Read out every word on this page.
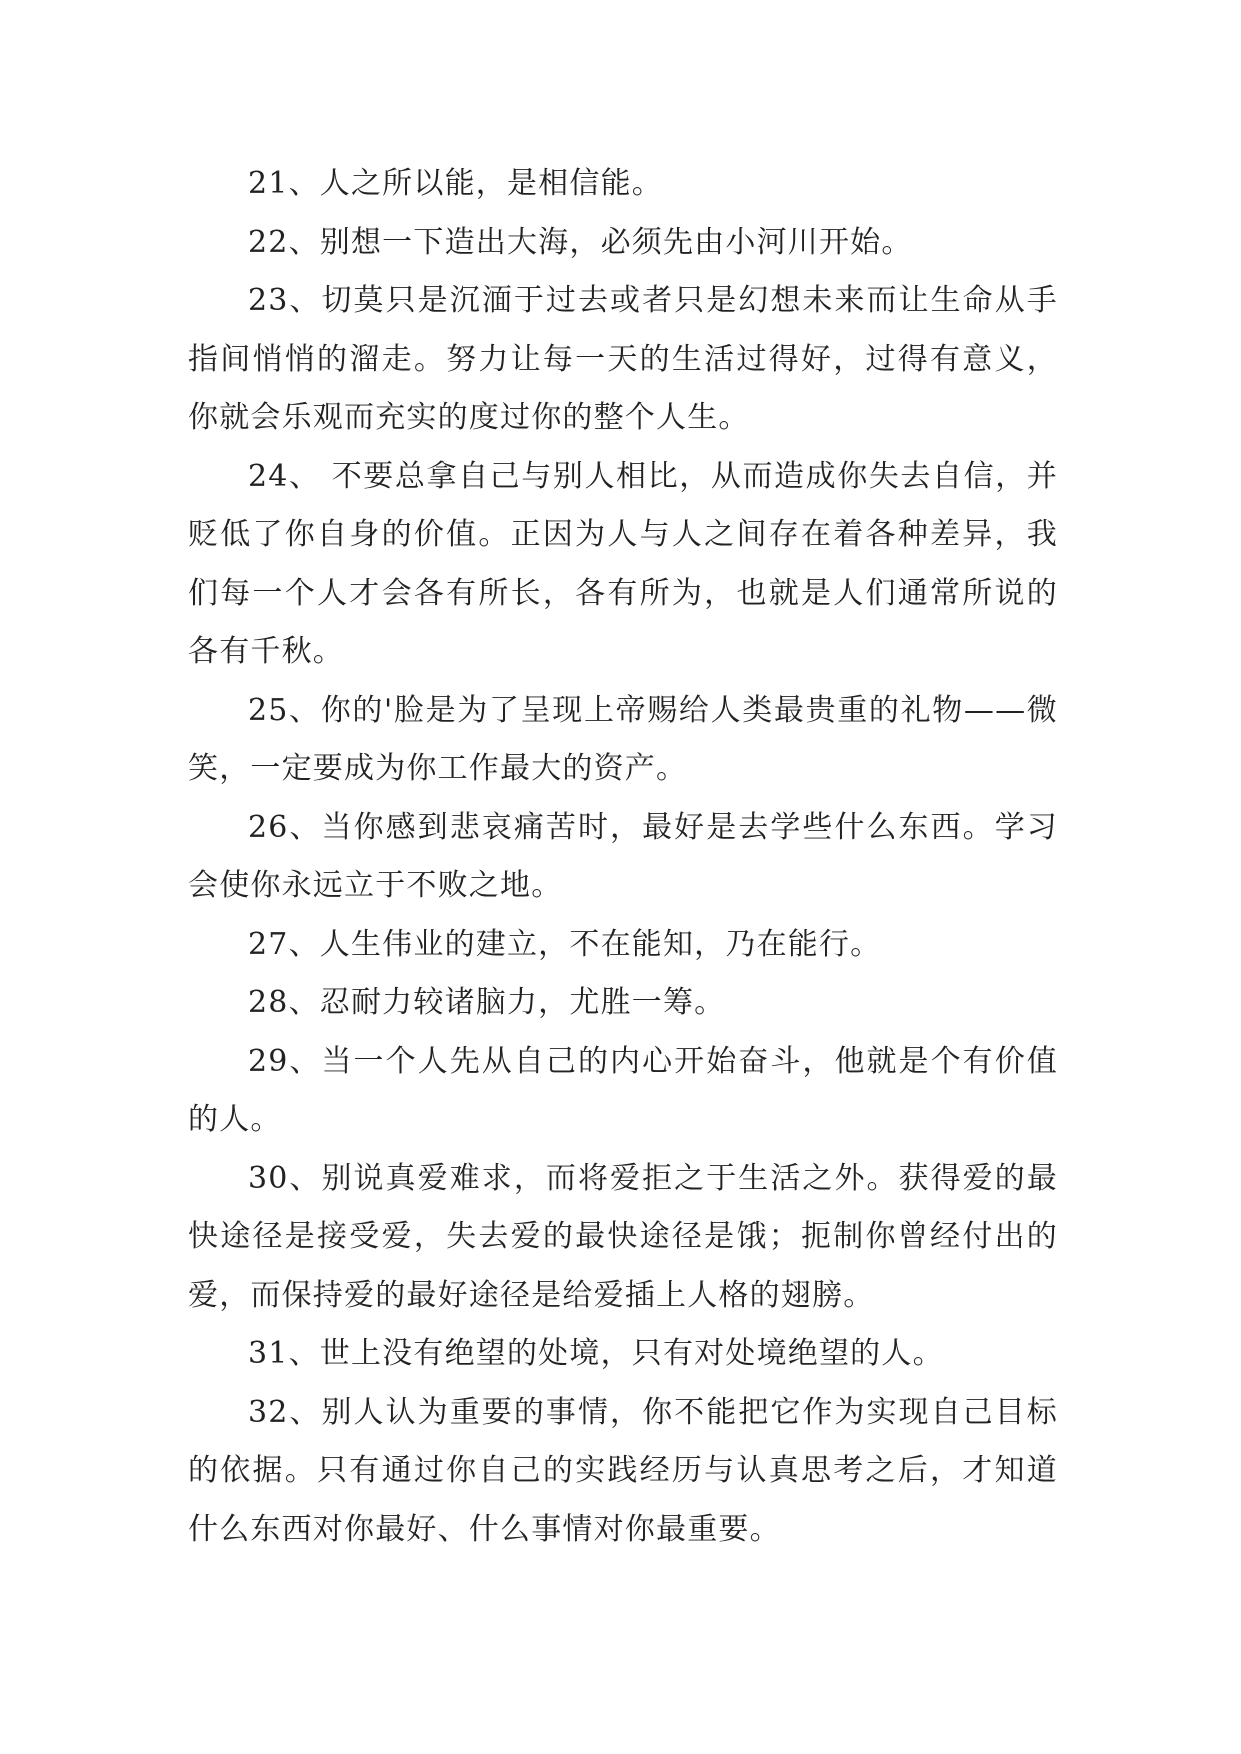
21、人之所以能，是相信能。

22、别想一下造出大海，必须先由小河川开始。

23、切莫只是沉湎于过去或者只是幻想未来而让生命从手指间悄悄的溜走。努力让每一天的生活过得好，过得有意义，你就会乐观而充实的度过你的整个人生。

24、 不要总拿自己与别人相比，从而造成你失去自信，并贬低了你自身的价值。正因为人与人之间存在着各种差异，我们每一个人才会各有所长，各有所为，也就是人们通常所说的各有千秋。

25、你的'脸是为了呈现上帝赐给人类最贵重的礼物——微笑，一定要成为你工作最大的资产。

26、当你感到悲哀痛苦时，最好是去学些什么东西。学习会使你永远立于不败之地。

27、人生伟业的建立，不在能知，乃在能行。

28、忍耐力较诸脑力，尤胜一筹。

29、当一个人先从自己的内心开始奋斗，他就是个有价值的人。

30、别说真爱难求，而将爱拒之于生活之外。获得爱的最快途径是接受爱，失去爱的最快途径是饿；扼制你曾经付出的爱，而保持爱的最好途径是给爱插上人格的翅膀。

31、世上没有绝望的处境，只有对处境绝望的人。

32、别人认为重要的事情，你不能把它作为实现自己目标的依据。只有通过你自己的实践经历与认真思考之后，才知道什么东西对你最好、什么事情对你最重要。
